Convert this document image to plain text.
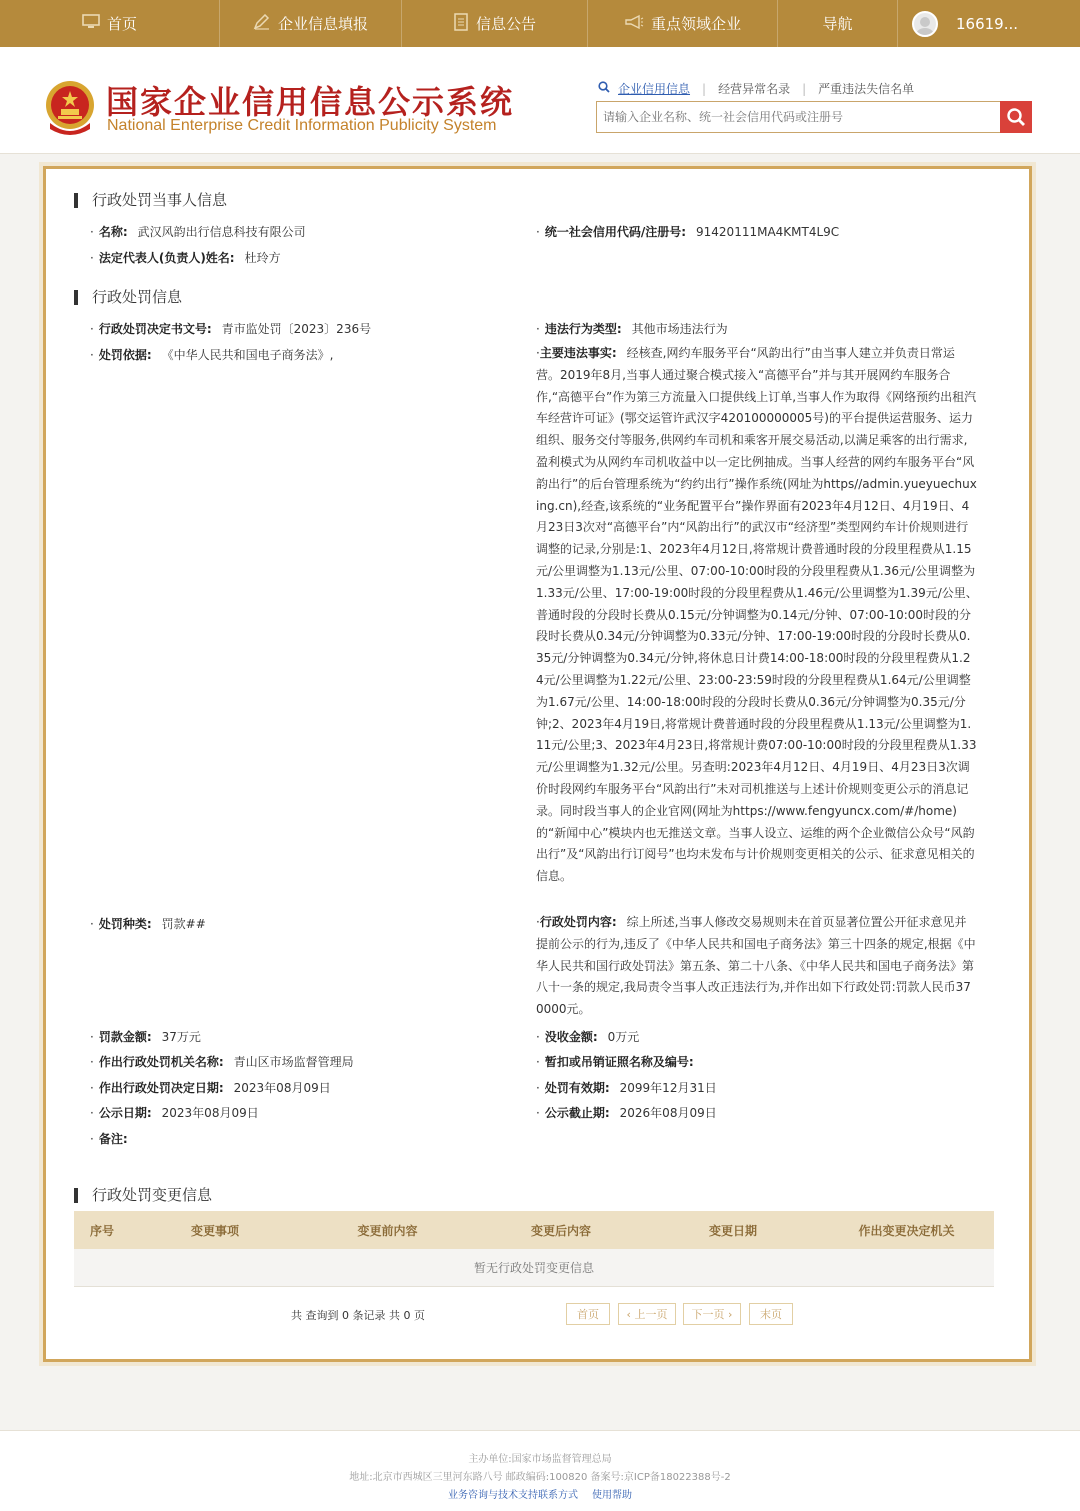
首页	企业信息填报	信息公告	重点领域企业	导航	16619...
国家企业信用信息公示系统
National Enterprise Credit Information Publicity System
企业信用信息 | 经营异常名录 | 严重违法失信名单
请输入企业名称、统一社会信用代码或注册号
行政处罚当事人信息
· 名称: 武汉风韵出行信息科技有限公司	· 统一社会信用代码/注册号: 91420111MA4KMT4L9C
· 法定代表人(负责人)姓名: 杜玲方
行政处罚信息
· 行政处罚决定书文号: 青市监处罚〔2023〕236号	· 违法行为类型: 其他市场违法行为
· 处罚依据: 《中华人民共和国电子商务法》,	·主要违法事实: 经核查,网约车服务平台“风韵出行”由当事人建立并负责日常运营。2019年8月,当事人通过聚合模式接入“高德平台”并与其开展网约车服务合作,“高德平台”作为第三方流量入口提供线上订单,当事人作为取得《网络预约出租汽车经营许可证》(鄂交运管许武汉字420100000005号)的平台提供运营服务、运力组织、服务交付等服务,供网约车司机和乘客开展交易活动,以满足乘客的出行需求,盈利模式为从网约车司机收益中以一定比例抽成。当事人经营的网约车服务平台“风韵出行”的后台管理系统为“约约出行”操作系统(网址为https//admin.yueyuechuxing.cn),经查,该系统的“业务配置平台”操作界面有2023年4月12日、4月19日、4月23日3次对“高德平台”内“风韵出行”的武汉市“经济型”类型网约车计价规则进行调整的记录,分别是:1、2023年4月12日,将常规计费普通时段的分段里程费从1.15元/公里调整为1.13元/公里、07:00-10:00时段的分段里程费从1.36元/公里调整为1.33元/公里、17:00-19:00时段的分段里程费从1.46元/公里调整为1.39元/公里、普通时段的分段时长费从0.15元/分钟调整为0.14元/分钟、07:00-10:00时段的分段时长费从0.34元/分钟调整为0.33元/分钟、17:00-19:00时段的分段时长费从0.35元/分钟调整为0.34元/分钟,将休息日计费14:00-18:00时段的分段里程费从1.24元/公里调整为1.22元/公里、23:00-23:59时段的分段里程费从1.64元/公里调整为1.67元/公里、14:00-18:00时段的分段时长费从0.36元/分钟调整为0.35元/分钟;2、2023年4月19日,将常规计费普通时段的分段里程费从1.13元/公里调整为1.11元/公里;3、2023年4月23日,将常规计费07:00-10:00时段的分段里程费从1.33元/公里调整为1.32元/公里。另查明:2023年4月12日、4月19日、4月23日3次调价时段网约车服务平台“风韵出行”未对司机推送与上述计价规则变更公示的消息记录。同时段当事人的企业官网(网址为https://www.fengyuncx.com/#/home)的“新闻中心”模块内也无推送文章。当事人设立、运维的两个企业微信公众号“风韵出行”及“风韵出行订阅号”也均未发布与计价规则变更相关的公示、征求意见相关的信息。
· 处罚种类: 罚款##	·行政处罚内容: 综上所述,当事人修改交易规则未在首页显著位置公开征求意见并提前公示的行为,违反了《中华人民共和国电子商务法》第三十四条的规定,根据《中华人民共和国行政处罚法》第五条、第二十八条、《中华人民共和国电子商务法》第八十一条的规定,我局责令当事人改正违法行为,并作出如下行政处罚:罚款人民币370000元。
· 罚款金额: 37万元	· 没收金额: 0万元
· 作出行政处罚机关名称: 青山区市场监督管理局	· 暂扣或吊销证照名称及编号:
· 作出行政处罚决定日期: 2023年08月09日	· 处罚有效期: 2099年12月31日
· 公示日期: 2023年08月09日	· 公示截止期: 2026年08月09日
· 备注:
行政处罚变更信息
序号	变更事项	变更前内容	变更后内容	变更日期	作出变更决定机关
暂无行政处罚变更信息
共 查询到 0 条记录 共 0 页	首页	‹ 上一页	下一页 ›	末页
主办单位:国家市场监督管理总局
地址:北京市西城区三里河东路八号 邮政编码:100820 备案号:京ICP备18022388号-2
业务咨询与技术支持联系方式 使用帮助
